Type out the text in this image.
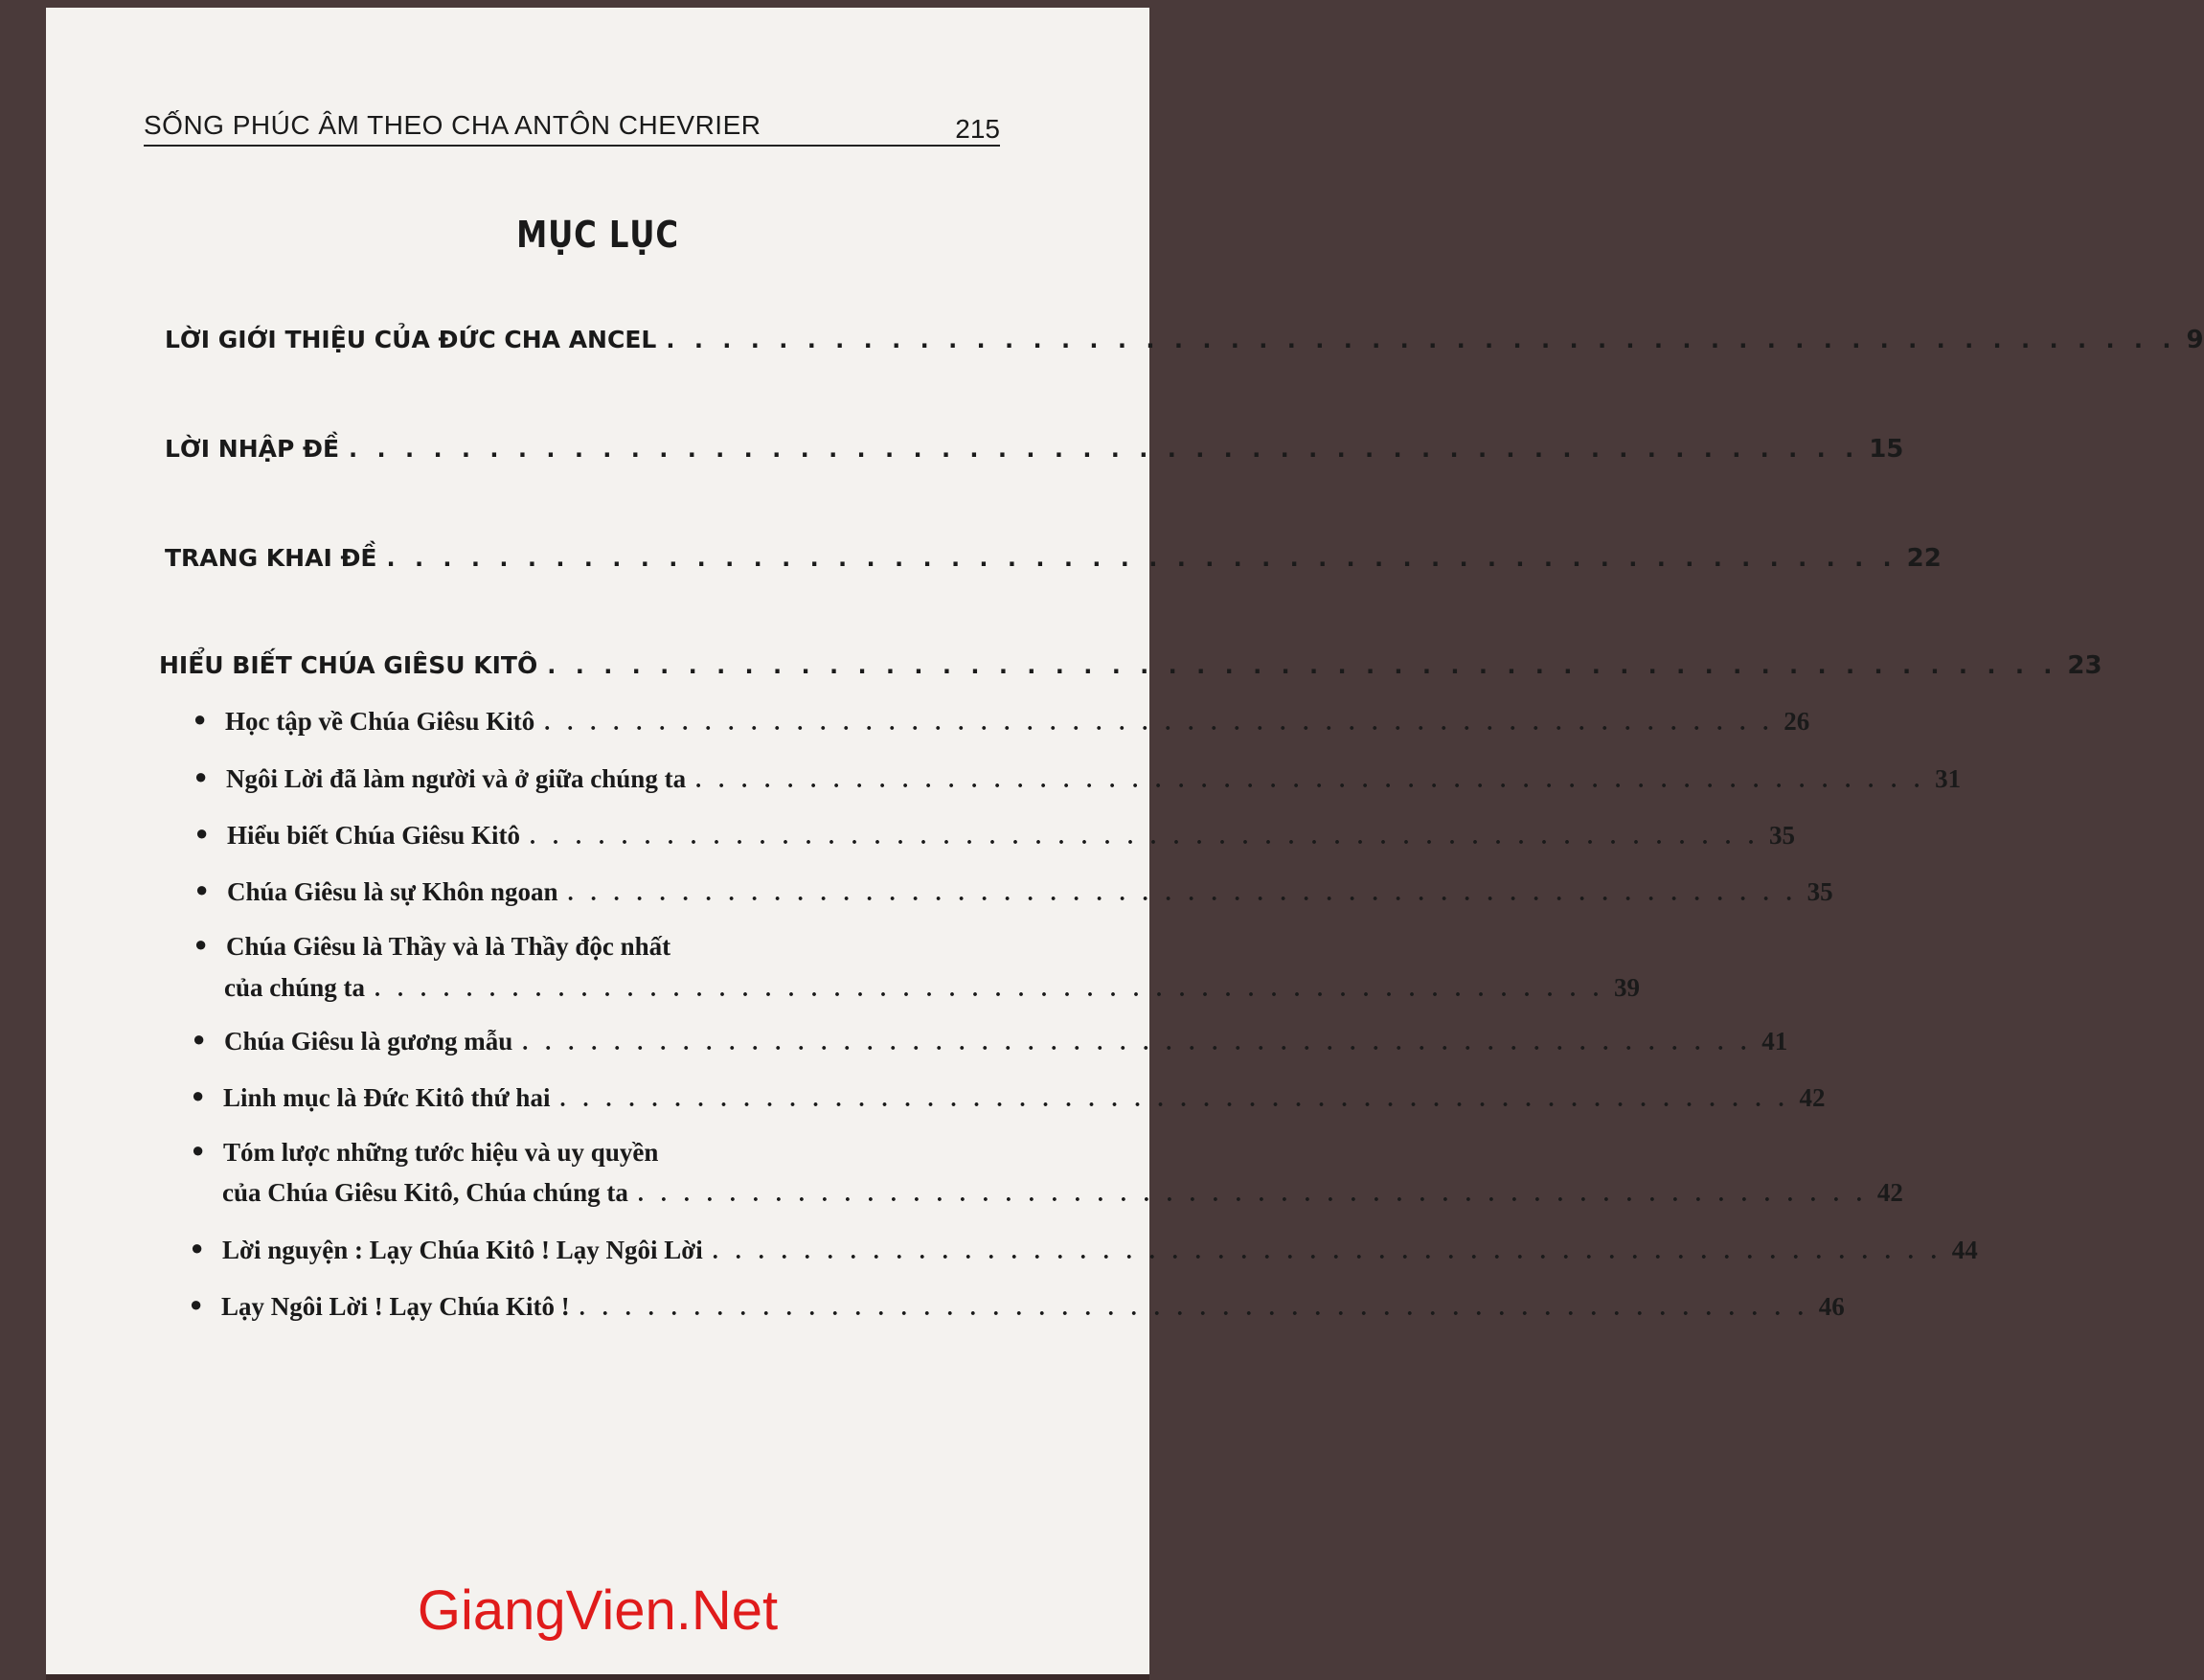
SỐNG PHÚC ÂM THEO CHA ANTÔN CHEVRIER	215
MỤC LỤC
LỜI GIỚI THIỆU CỦA ĐỨC CHA ANCEL . . . . . . . . . . . . . . . . . . . . . . . . . . . . . . . . . . . . . . . . . . . . . . . . . . . . . . 9
LỜI NHẬP ĐỀ . . . . . . . . . . . . . . . . . . . . . . . . . . . . . . . . . . . . . . . . . . . . . . . . . . . . . . 15
TRANG KHAI ĐỀ . . . . . . . . . . . . . . . . . . . . . . . . . . . . . . . . . . . . . . . . . . . . . . . . . . . . . . 22
HIỂU BIẾT CHÚA GIÊSU KITÔ . . . . . . . . . . . . . . . . . . . . . . . . . . . . . . . . . . . . . . . . . . . . . . . . . . . . . . 23
● Học tập về Chúa Giêsu Kitô . . . . . . . . . . . . . . . . . . . . . . . . . . . . . . . . . . . . . . . . . . . . . . . . . . . . . . 26
● Ngôi Lời đã làm người và ở giữa chúng ta . . . . . . . . . . . . . . . . . . . . . . . . . . . . . . . . . . . . . . . . . . . . . . . . . . . . . . 31
● Hiểu biết Chúa Giêsu Kitô . . . . . . . . . . . . . . . . . . . . . . . . . . . . . . . . . . . . . . . . . . . . . . . . . . . . . . 35
● Chúa Giêsu là sự Khôn ngoan . . . . . . . . . . . . . . . . . . . . . . . . . . . . . . . . . . . . . . . . . . . . . . . . . . . . . . 35
● Chúa Giêsu là Thầy và là Thầy độc nhất
của chúng ta . . . . . . . . . . . . . . . . . . . . . . . . . . . . . . . . . . . . . . . . . . . . . . . . . . . . . . 39
● Chúa Giêsu là gương mẫu . . . . . . . . . . . . . . . . . . . . . . . . . . . . . . . . . . . . . . . . . . . . . . . . . . . . . . 41
● Linh mục là Đức Kitô thứ hai . . . . . . . . . . . . . . . . . . . . . . . . . . . . . . . . . . . . . . . . . . . . . . . . . . . . . . 42
● Tóm lược những tước hiệu và uy quyền
của Chúa Giêsu Kitô, Chúa chúng ta . . . . . . . . . . . . . . . . . . . . . . . . . . . . . . . . . . . . . . . . . . . . . . . . . . . . . . 42
● Lời nguyện : Lạy Chúa Kitô ! Lạy Ngôi Lời . . . . . . . . . . . . . . . . . . . . . . . . . . . . . . . . . . . . . . . . . . . . . . . . . . . . . . 44
● Lạy Ngôi Lời ! Lạy Chúa Kitô ! . . . . . . . . . . . . . . . . . . . . . . . . . . . . . . . . . . . . . . . . . . . . . . . . . . . . . . 46
GiangVien.Net
